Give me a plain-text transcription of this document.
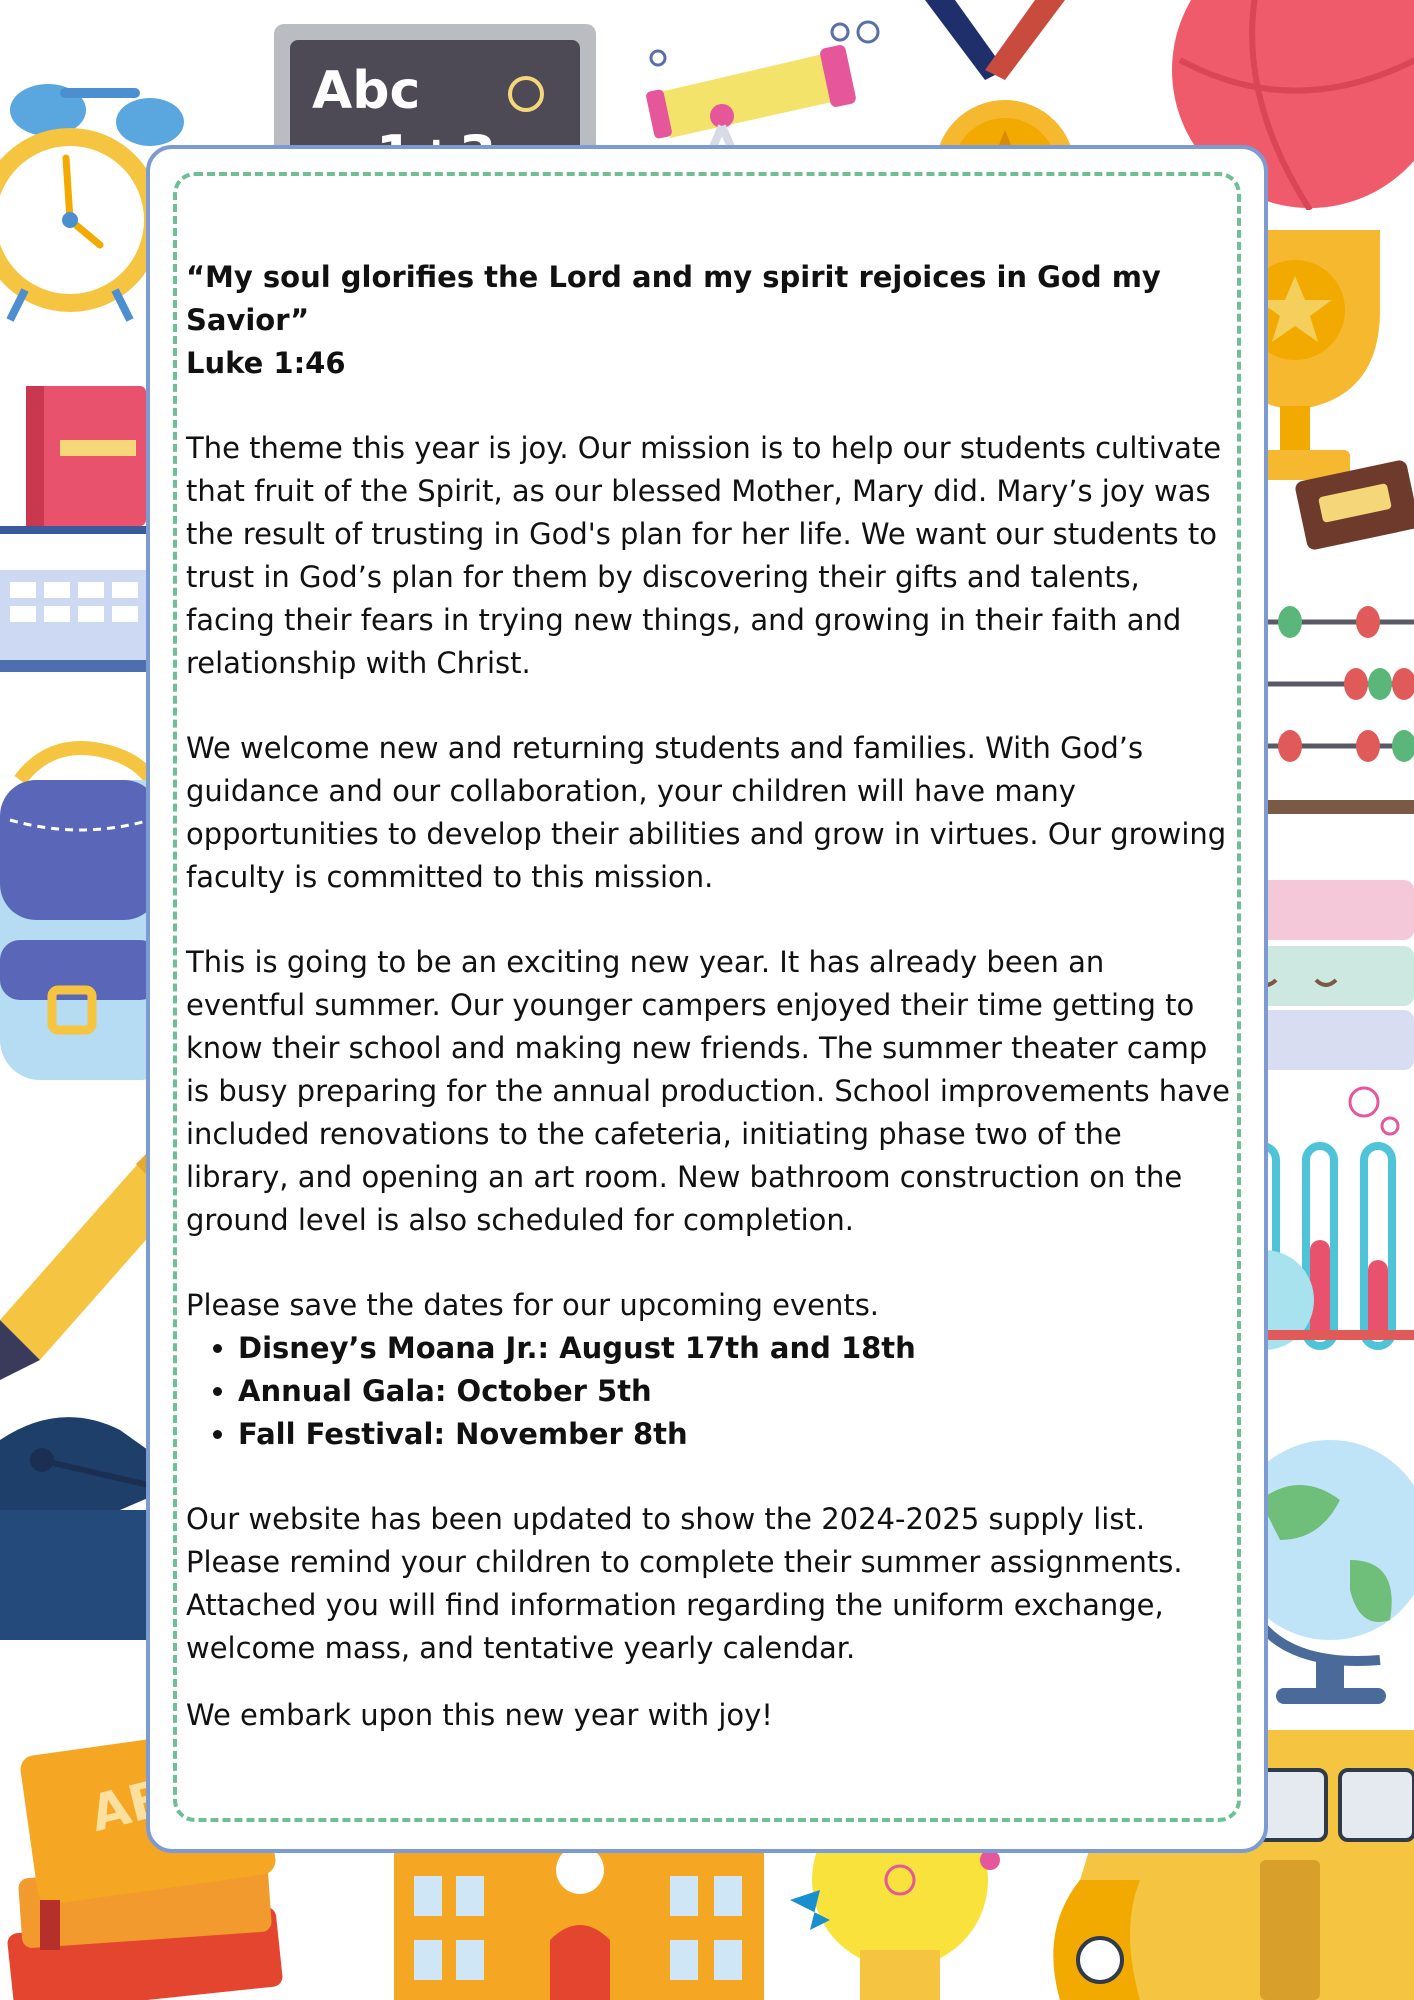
Abc

“My soul glorifies the Lord and my spirit rejoices in God my Savior”

Luke 1:46

The theme this year is joy. Our mission is to help our students cultivate that fruit of the Spirit, as our blessed Mother, Mary did. Mary’s joy was the result of trusting in God's plan for her life. We want our students to trust in God’s plan for them by discovering their gifts and talents, facing their fears in trying new things, and growing in their faith and relationship with Christ.

We welcome new and returning students and families. With God’s guidance and our collaboration, your children will have many opportunities to develop their abilities and grow in virtues. Our growing faculty is committed to this mission.

This is going to be an exciting new year. It has already been an eventful summer. Our younger campers enjoyed their time getting to know their school and making new friends. The summer theater camp is busy preparing for the annual production. School improvements have included renovations to the cafeteria, initiating phase two of the library, and opening an art room. New bathroom construction on the ground level is also scheduled for completion.

Please save the dates for our upcoming events.

• Disney’s Moana Jr.: August 17th and 18th
• Annual Gala: October 5th
• Fall Festival: November 8th

Our website has been updated to show the 2024-2025 supply list. Please remind your children to complete their summer assignments. Attached you will find information regarding the uniform exchange, welcome mass, and tentative yearly calendar.

We embark upon this new year with joy!
